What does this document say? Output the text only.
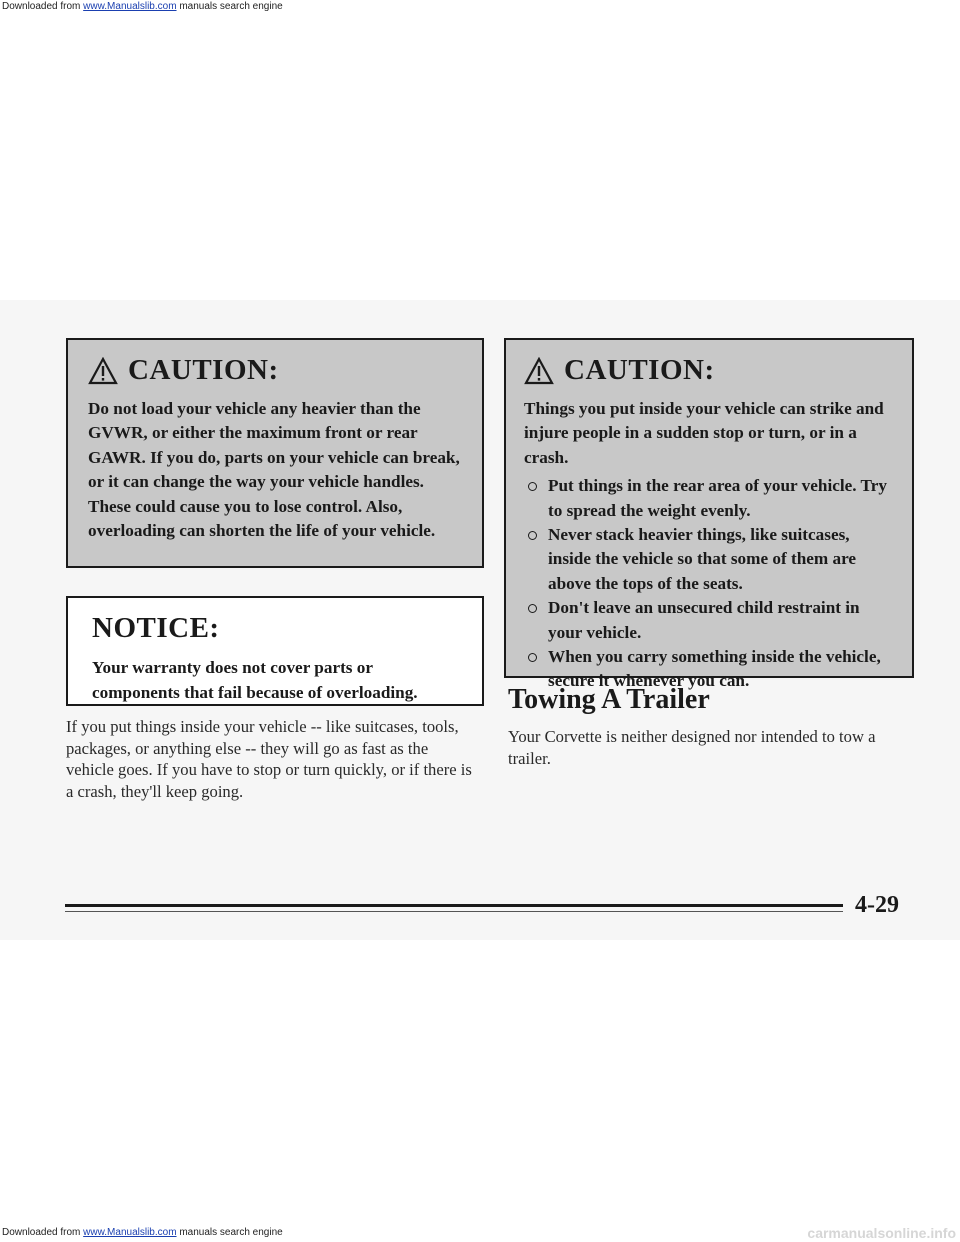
Downloaded from www.Manualslib.com manuals search engine
CAUTION:
Do not load your vehicle any heavier than the GVWR, or either the maximum front or rear GAWR. If you do, parts on your vehicle can break, or it can change the way your vehicle handles. These could cause you to lose control. Also, overloading can shorten the life of your vehicle.
NOTICE:
Your warranty does not cover parts or components that fail because of overloading.
If you put things inside your vehicle -- like suitcases, tools, packages, or anything else -- they will go as fast as the vehicle goes. If you have to stop or turn quickly, or if there is a crash, they'll keep going.
CAUTION:
Things you put inside your vehicle can strike and injure people in a sudden stop or turn, or in a crash.
Put things in the rear area of your vehicle. Try to spread the weight evenly.
Never stack heavier things, like suitcases, inside the vehicle so that some of them are above the tops of the seats.
Don't leave an unsecured child restraint in your vehicle.
When you carry something inside the vehicle, secure it whenever you can.
Towing A Trailer
Your Corvette is neither designed nor intended to tow a trailer.
4-29
Downloaded from www.Manualslib.com manuals search engine	carmanualsonline.info
